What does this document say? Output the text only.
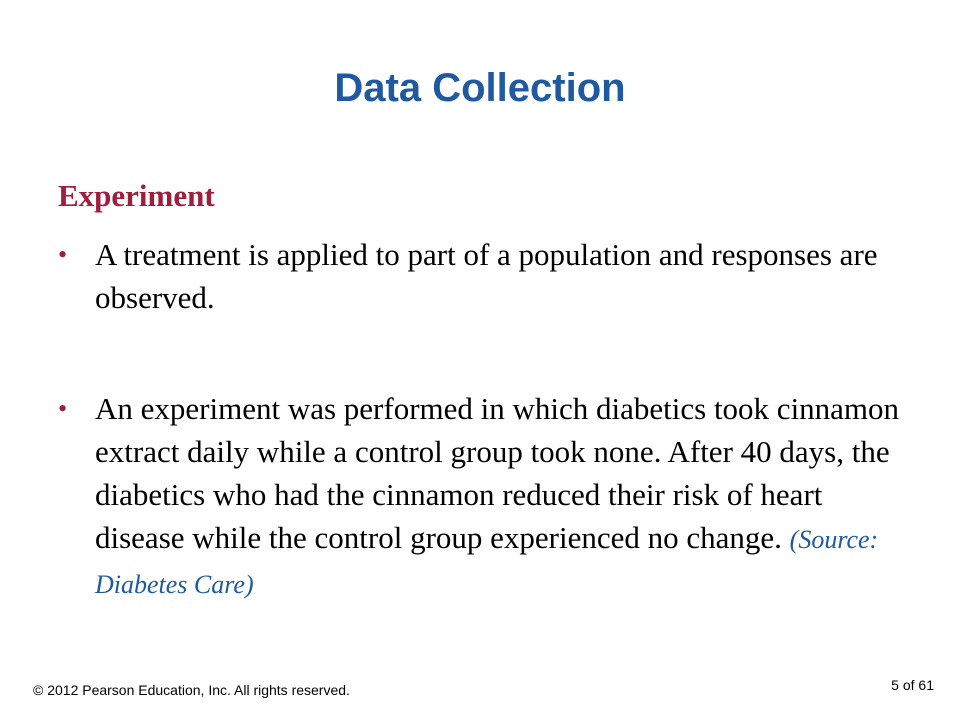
Data Collection
Experiment
• A treatment is applied to part of a population and responses are observed.
• An experiment was performed in which diabetics took cinnamon extract daily while a control group took none. After 40 days, the diabetics who had the cinnamon reduced their risk of heart disease while the control group experienced no change. (Source: Diabetes Care)
© 2012 Pearson Education, Inc. All rights reserved.	5 of 61
